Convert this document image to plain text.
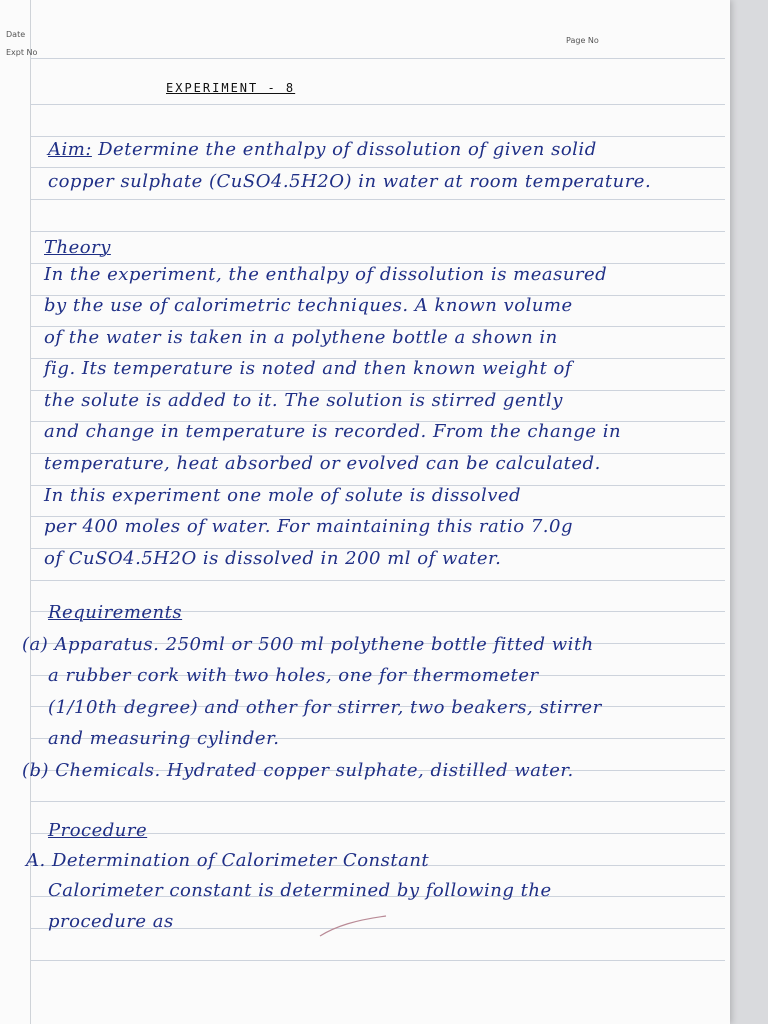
Date
Expt No
Page No
EXPERIMENT - 8
Aim: Determine the enthalpy of dissolution of given solid
copper sulphate (CuSO4.5H2O) in water at room temperature.
Theory
In the experiment, the enthalpy of dissolution is measured
by the use of calorimetric techniques. A known volume
of the water is taken in a polythene bottle a shown in
fig. Its temperature is noted and then known weight of
the solute is added to it. The solution is stirred gently
and change in temperature is recorded. From the change in
temperature, heat absorbed or evolved can be calculated.
In this experiment one mole of solute is dissolved
per 400 moles of water. For maintaining this ratio 7.0g
of CuSO4.5H2O is dissolved in 200 ml of water.
Requirements
(a) Apparatus. 250ml or 500 ml polythene bottle fitted with
a rubber cork with two holes, one for thermometer
(1/10th degree) and other for stirrer, two beakers, stirrer
and measuring cylinder.
(b) Chemicals. Hydrated copper sulphate, distilled water.
Procedure
A. Determination of Calorimeter Constant
Calorimeter constant is determined by following the
procedure as
